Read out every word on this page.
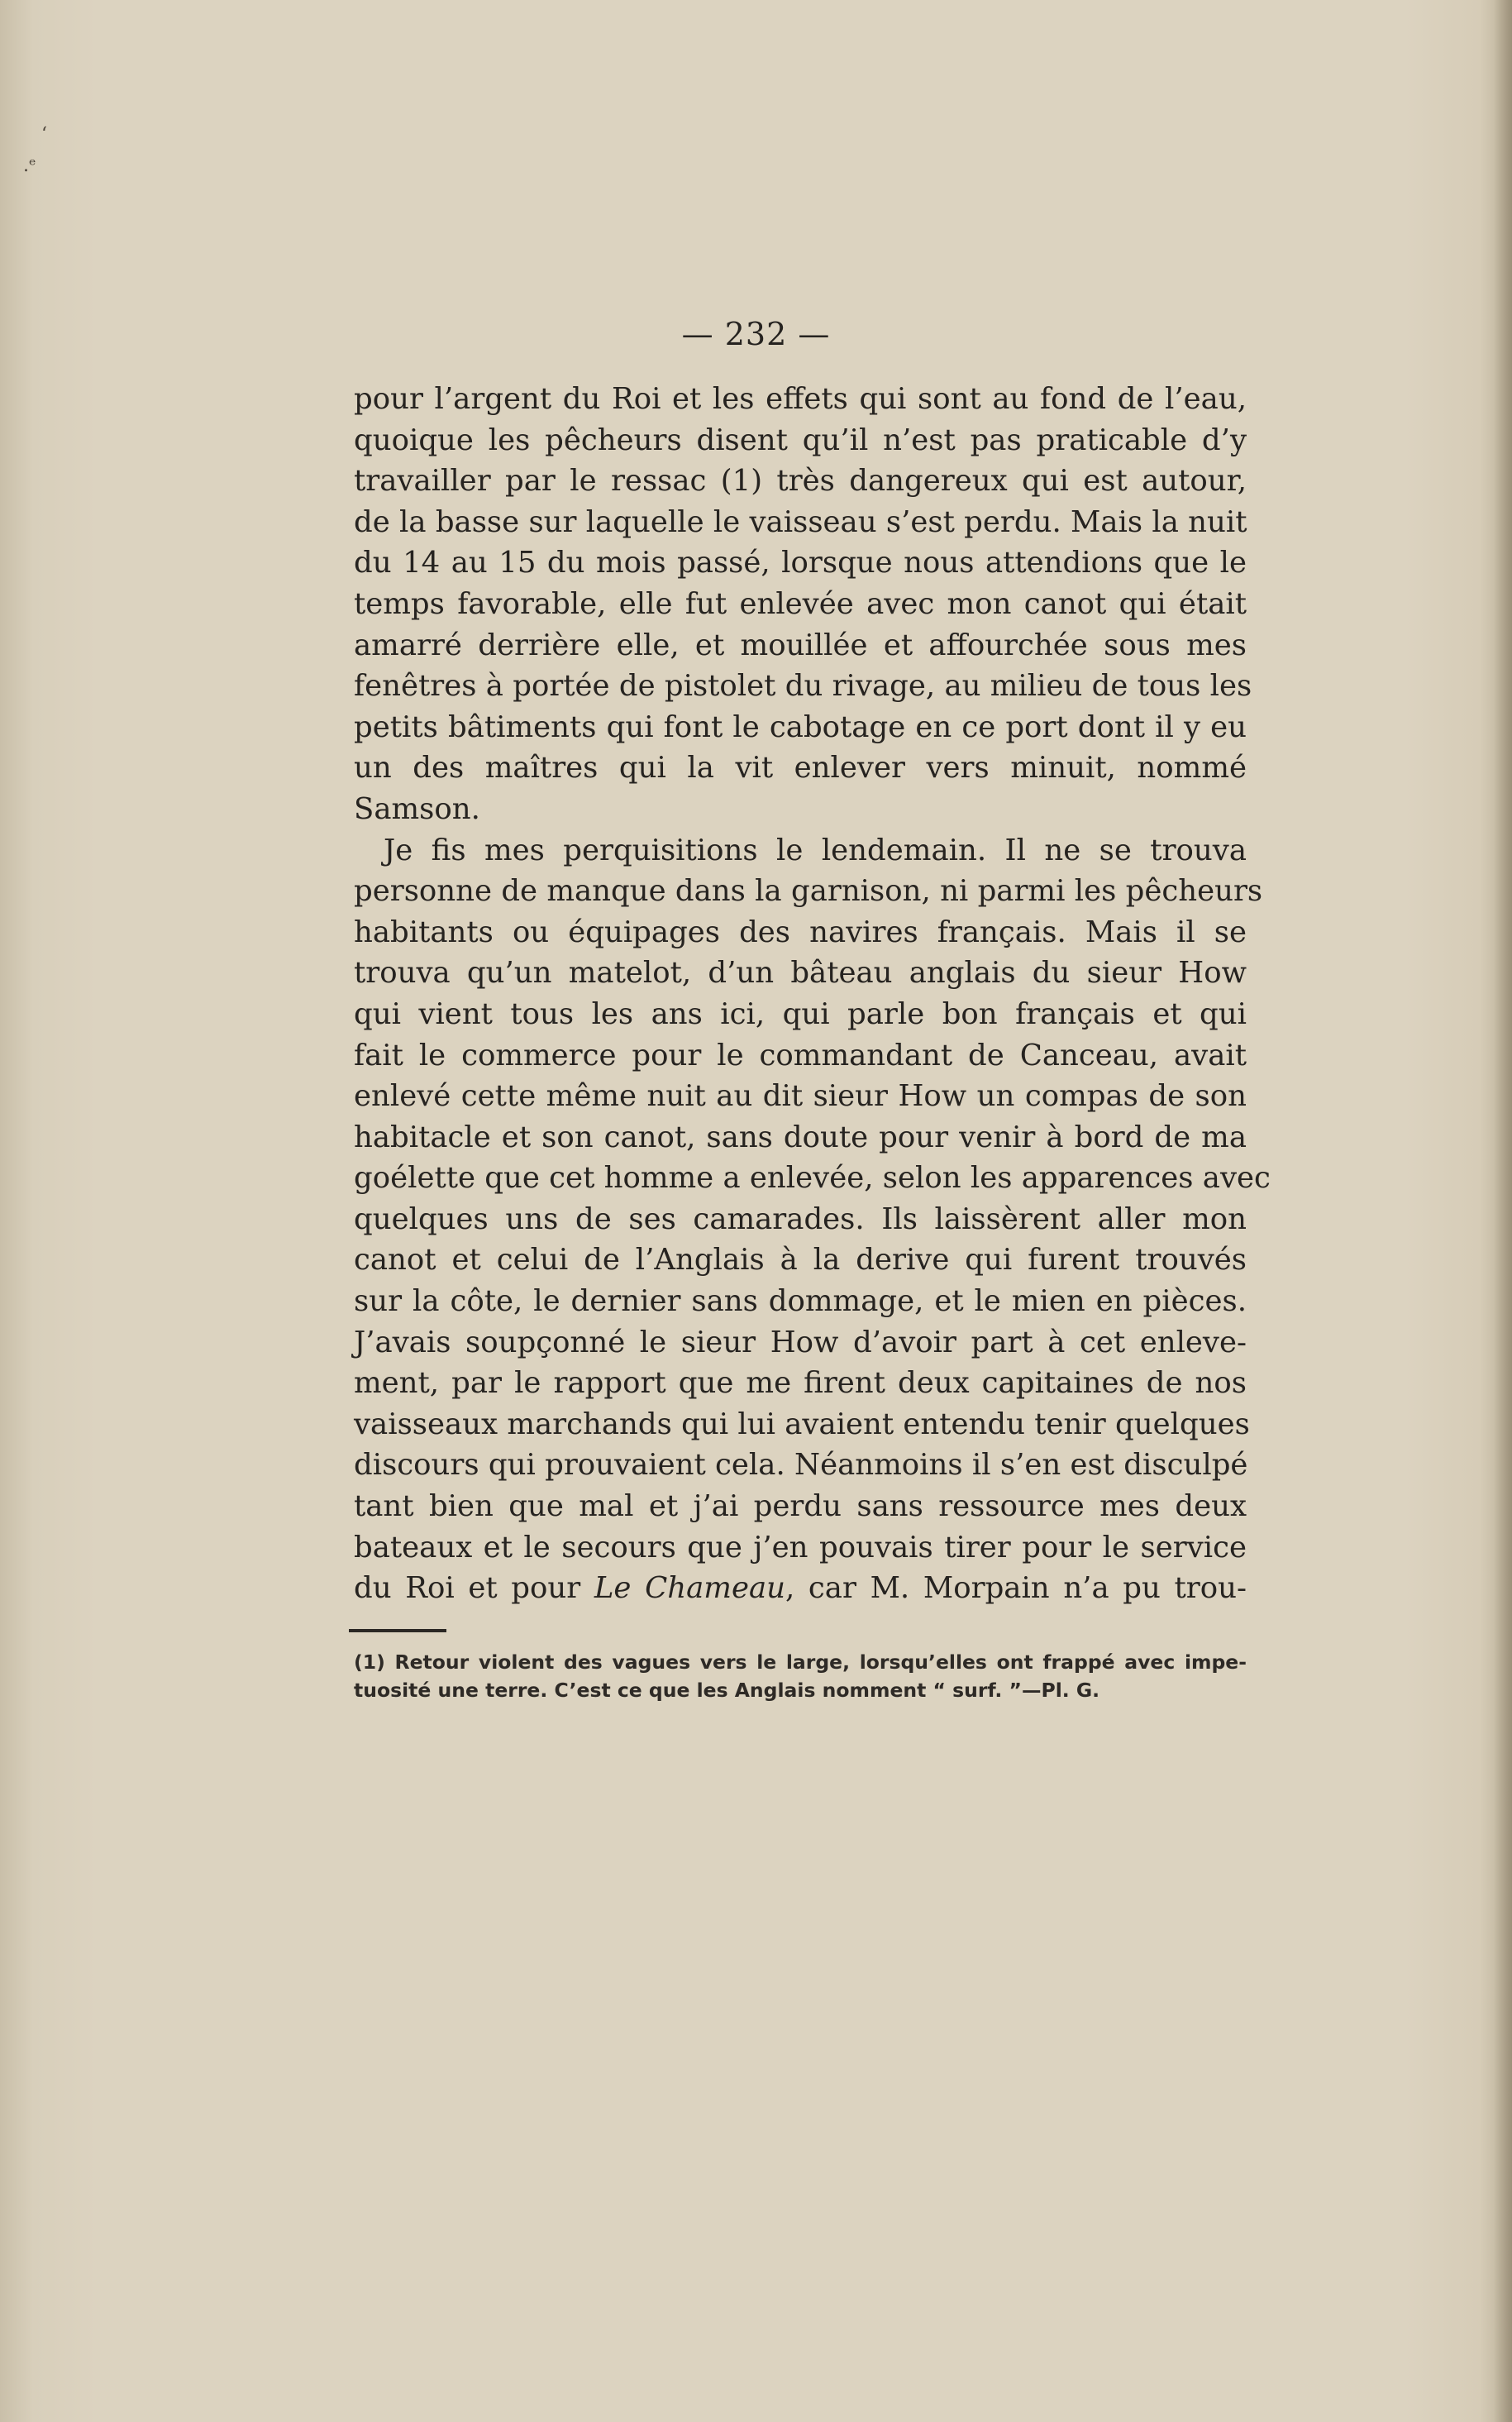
ʻ
.ᵉ
— 232 —
pour l’argent du Roi et les effets qui sont au fond de l’eau,
quoique les pêcheurs disent qu’il n’est pas praticable d’y
travailler par le ressac (1) très dangereux qui est autour,
de la basse sur laquelle le vaisseau s’est perdu. Mais la nuit
du 14 au 15 du mois passé, lorsque nous attendions que le
temps favorable, elle fut enlevée avec mon canot qui était
amarré derrière elle, et mouillée et affourchée sous mes
fenêtres à portée de pistolet du rivage, au milieu de tous les
petits bâtiments qui font le cabotage en ce port dont il y eu
un des maîtres qui la vit enlever vers minuit, nommé
Samson.
Je fis mes perquisitions le lendemain. Il ne se trouva
personne de manque dans la garnison, ni parmi les pêcheurs
habitants ou équipages des navires français. Mais il se
trouva qu’un matelot, d’un bâteau anglais du sieur How
qui vient tous les ans ici, qui parle bon français et qui
fait le commerce pour le commandant de Canceau, avait
enlevé cette même nuit au dit sieur How un compas de son
habitacle et son canot, sans doute pour venir à bord de ma
goélette que cet homme a enlevée, selon les apparences avec
quelques uns de ses camarades. Ils laissèrent aller mon
canot et celui de l’Anglais à la derive qui furent trouvés
sur la côte, le dernier sans dommage, et le mien en pièces.
J’avais soupçonné le sieur How d’avoir part à cet enleve-
ment, par le rapport que me firent deux capitaines de nos
vaisseaux marchands qui lui avaient entendu tenir quelques
discours qui prouvaient cela. Néanmoins il s’en est disculpé
tant bien que mal et j’ai perdu sans ressource mes deux
bateaux et le secours que j’en pouvais tirer pour le service
du Roi et pour Le Chameau, car M. Morpain n’a pu trou-
(1) Retour violent des vagues vers le large, lorsqu’elles ont frappé avec impe-
tuosité une terre. C’est ce que les Anglais nomment “ surf. ”—Pl. G.
